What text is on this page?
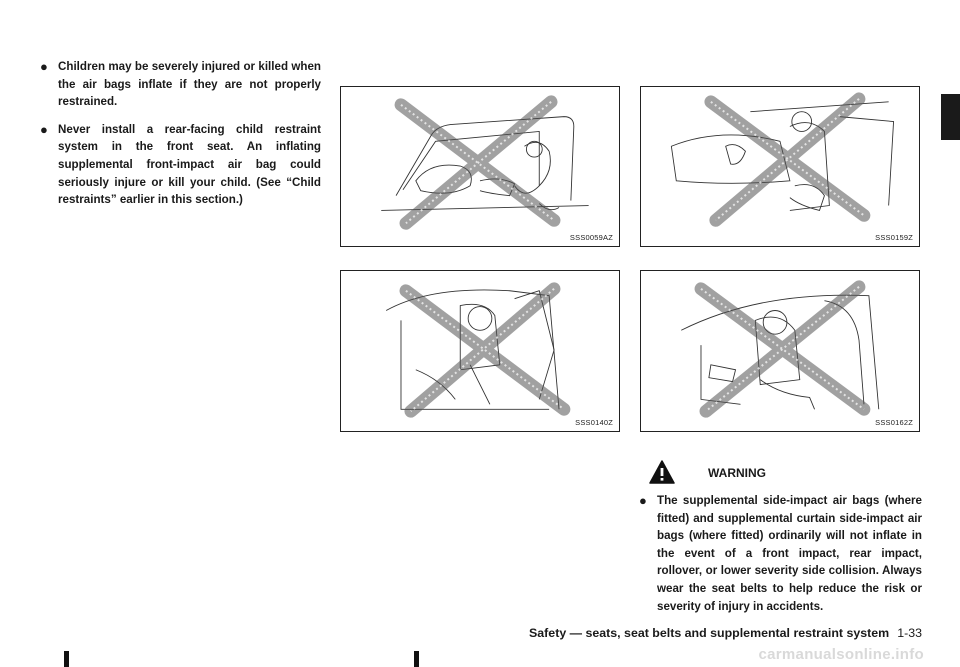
● Children may be severely injured or killed when the air bags inflate if they are not properly restrained.
● Never install a rear-facing child restraint system in the front seat. An inflating supplemental front-impact air bag could seriously injure or kill your child. (See “Child restraints” earlier in this section.)
SSS0059AZ	SSS0159Z
SSS0140Z	SSS0162Z
WARNING
● The supplemental side-impact air bags (where fitted) and supplemental curtain side-impact air bags (where fitted) ordinarily will not inflate in the event of a front impact, rear impact, rollover, or lower severity side collision. Always wear the seat belts to help reduce the risk or severity of injury in accidents.
Safety — seats, seat belts and supplemental restraint system 1-33
carmanualsonline.info
